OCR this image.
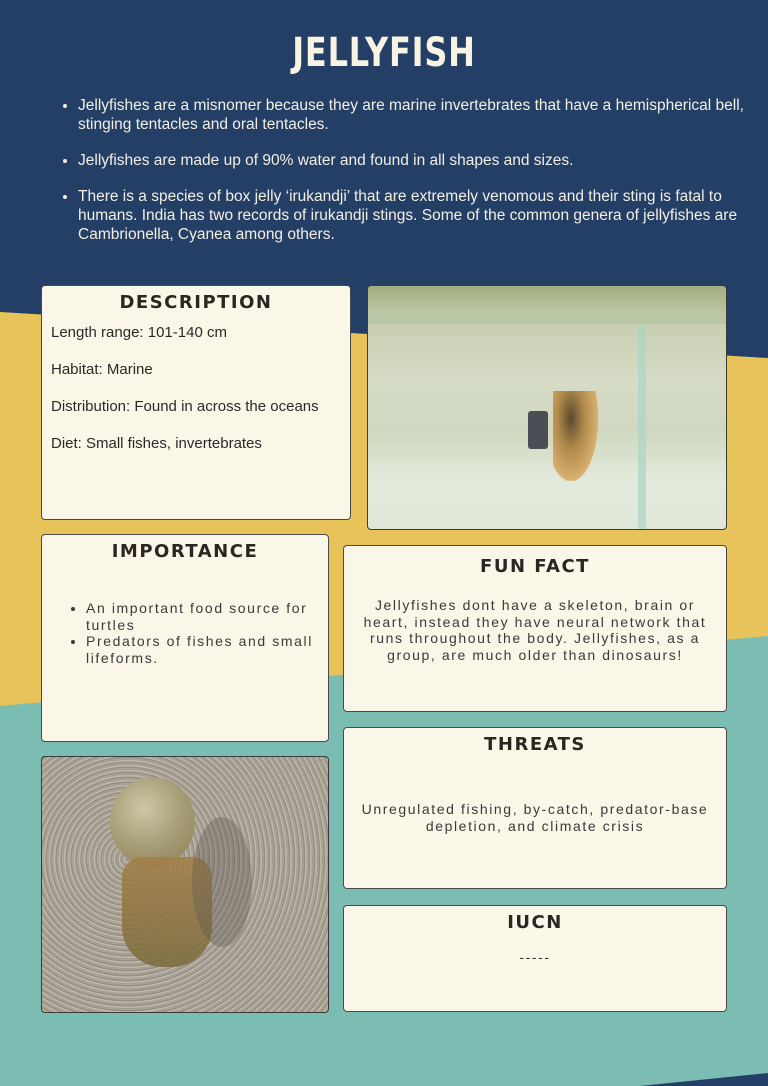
JELLYFISH
• Jellyfishes are a misnomer because they are marine invertebrates that have a hemispherical bell, stinging tentacles and oral tentacles.
• Jellyfishes are made up of 90% water and found in all shapes and sizes.
• There is a species of box jelly ‘irukandji’ that are extremely venomous and their sting is fatal to humans. India has two records of irukandji stings. Some of the common genera of jellyfishes are Cambrionella, Cyanea among others.
DESCRIPTION

Length range: 101-140 cm

Habitat: Marine

Distribution: Found in across the oceans

Diet: Small fishes, invertebrates

IMPORTANCE
• An important food source for turtles
• Predators of fishes and small lifeforms.
FUN FACT
Jellyfishes dont have a skeleton, brain or heart, instead they have neural network that runs throughout the body. Jellyfishes, as a group, are much older than dinosaurs!
THREATS
Unregulated fishing, by-catch, predator-base depletion, and climate crisis
IUCN
-----
